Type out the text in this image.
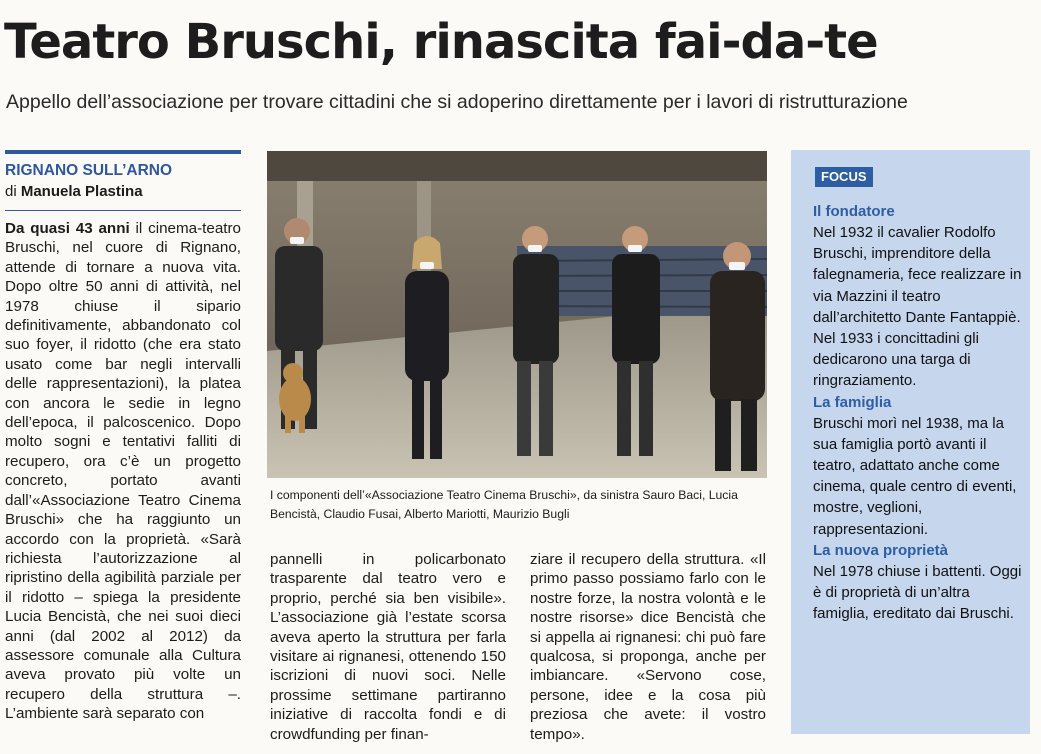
Teatro Bruschi, rinascita fai-da-te
Appello dell’associazione per trovare cittadini che si adoperino direttamente per i lavori di ristrutturazione
RIGNANO SULL’ARNO
di Manuela Plastina
Da quasi 43 anni il cinema-teatro Bruschi, nel cuore di Rignano, attende di tornare a nuova vita. Dopo oltre 50 anni di attività, nel 1978 chiuse il sipario definitivamente, abbandonato col suo foyer, il ridotto (che era stato usato come bar negli intervalli delle rappresentazioni), la platea con ancora le sedie in legno dell’epoca, il palcoscenico. Dopo molto sogni e tentativi falliti di recupero, ora c’è un progetto concreto, portato avanti dall’«Associazione Teatro Cinema Bruschi» che ha raggiunto un accordo con la proprietà. «Sarà richiesta l’autorizzazione al ripristino della agibilità parziale per il ridotto – spiega la presidente Lucia Bencistà, che nei suoi dieci anni (dal 2002 al 2012) da assessore comunale alla Cultura aveva provato più volte un recupero della struttura –. L’ambiente sarà separato con
I componenti dell’«Associazione Teatro Cinema Bruschi», da sinistra Sauro Baci, Lucia Bencistà, Claudio Fusai, Alberto Mariotti, Maurizio Bugli
pannelli in policarbonato trasparente dal teatro vero e proprio, perché sia ben visibile». L’associazione già l’estate scorsa aveva aperto la struttura per farla visitare ai rignanesi, ottenendo 150 iscrizioni di nuovi soci. Nelle prossime settimane partiranno iniziative di raccolta fondi e di crowdfunding per finan-
ziare il recupero della struttura. «Il primo passo possiamo farlo con le nostre forze, la nostra volontà e le nostre risorse» dice Bencistà che si appella ai rignanesi: chi può fare qualcosa, si proponga, anche per imbiancare. «Servono cose, persone, idee e la cosa più preziosa che avete: il vostro tempo».
FOCUS
Il fondatore
Nel 1932 il cavalier Rodolfo Bruschi, imprenditore della falegnameria, fece realizzare in via Mazzini il teatro dall’architetto Dante Fantappiè. Nel 1933 i concittadini gli dedicarono una targa di ringraziamento.
La famiglia
Bruschi morì nel 1938, ma la sua famiglia portò avanti il teatro, adattato anche come cinema, quale centro di eventi, mostre, veglioni, rappresentazioni.
La nuova proprietà
Nel 1978 chiuse i battenti. Oggi è di proprietà di un’altra famiglia, ereditato dai Bruschi.
